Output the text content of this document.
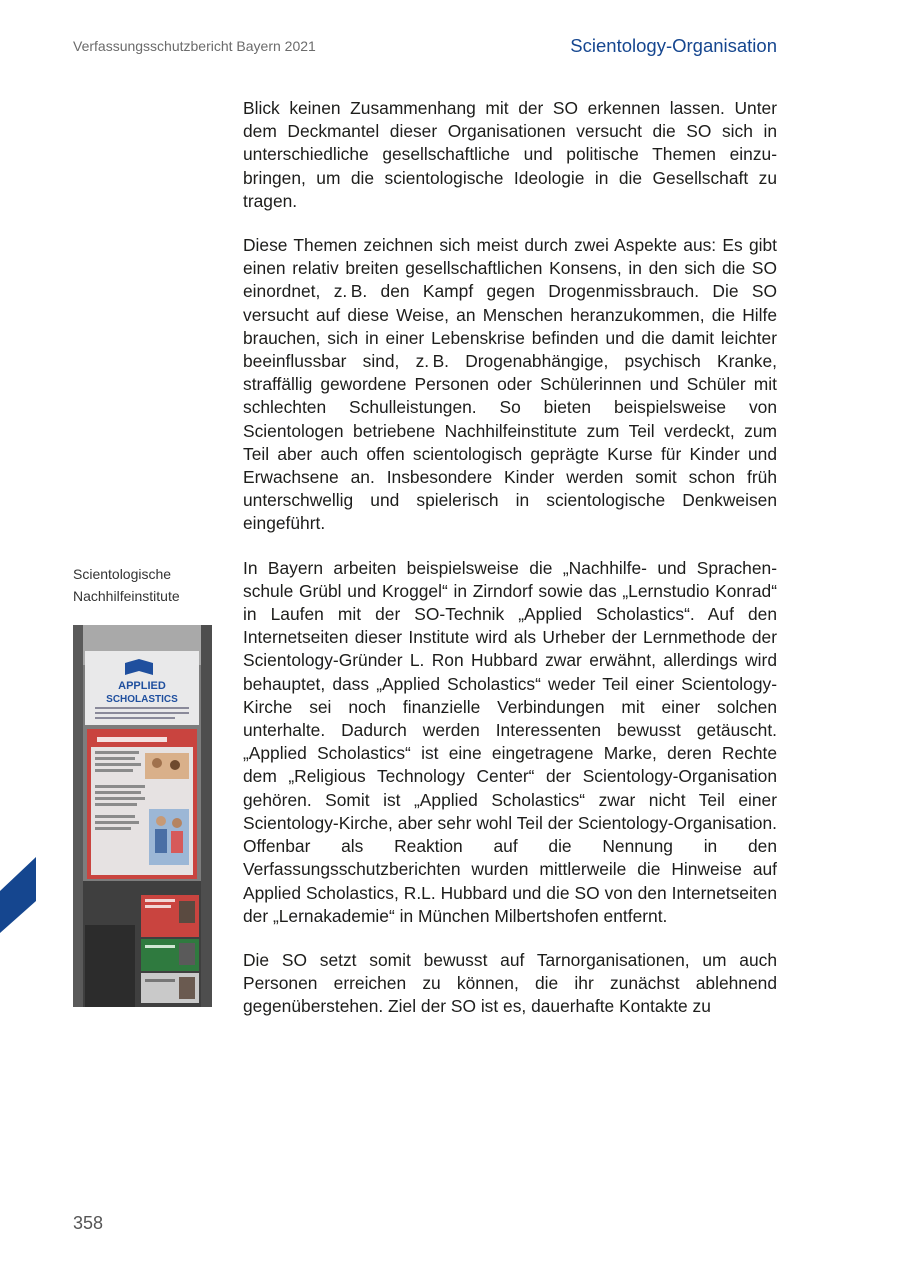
Verfassungsschutzbericht Bayern 2021	Scientology-Organisation
Scientologische
Nachhilfeinstitute
APPLIED
SCHOLASTICS

Blick keinen Zusammenhang mit der SO erkennen lassen. Unter dem Deckmantel dieser Organisationen versucht die SO sich in unterschiedliche gesellschaftliche und politische Themen einzubringen, um die scientologische Ideologie in die Gesellschaft zu tragen.

Diese Themen zeichnen sich meist durch zwei Aspekte aus: Es gibt einen relativ breiten gesellschaftlichen Konsens, in den sich die SO einordnet, z. B. den Kampf gegen Drogenmissbrauch. Die SO versucht auf diese Weise, an Menschen heranzukommen, die Hilfe brauchen, sich in einer Lebenskrise befinden und die damit leichter beeinflussbar sind, z. B. Drogenabhängige, psychisch Kranke, straffällig gewordene Personen oder Schülerinnen und Schüler mit schlechten Schulleistungen. So bieten beispielsweise von Scientologen betriebene Nachhilfeinstitute zum Teil verdeckt, zum Teil aber auch offen scientologisch geprägte Kurse für Kinder und Erwachsene an. Insbesondere Kinder werden somit schon früh unterschwellig und spielerisch in scientologische Denkweisen eingeführt.

In Bayern arbeiten beispielsweise die „Nachhilfe- und Sprachenschule Grübl und Kroggel“ in Zirndorf sowie das „Lernstudio Konrad“ in Laufen mit der SO-Technik „Applied Scholastics“. Auf den Internetseiten dieser Institute wird als Urheber der Lernmethode der Scientology-Gründer L. Ron Hubbard zwar erwähnt, allerdings wird behauptet, dass „Applied Scholastics“ weder Teil einer Scientology-Kirche sei noch finanzielle Verbindungen mit einer solchen unterhalte. Dadurch werden Interessenten bewusst getäuscht. „Applied Scholastics“ ist eine eingetragene Marke, deren Rechte dem „Religious Technology Center“ der Scientology-Organisation gehören. Somit ist „Applied Scholastics“ zwar nicht Teil einer Scientology-Kirche, aber sehr wohl Teil der Scientology-Organisation. Offenbar als Reaktion auf die Nennung in den Verfassungsschutzberichten wurden mittlerweile die Hinweise auf Applied Scholastics, R.L. Hubbard und die SO von den Internetseiten der „Lernakademie“ in München Milbertshofen entfernt.

Die SO setzt somit bewusst auf Tarnorganisationen, um auch Personen erreichen zu können, die ihr zunächst ablehnend gegenüberstehen. Ziel der SO ist es, dauerhafte Kontakte zu

358
